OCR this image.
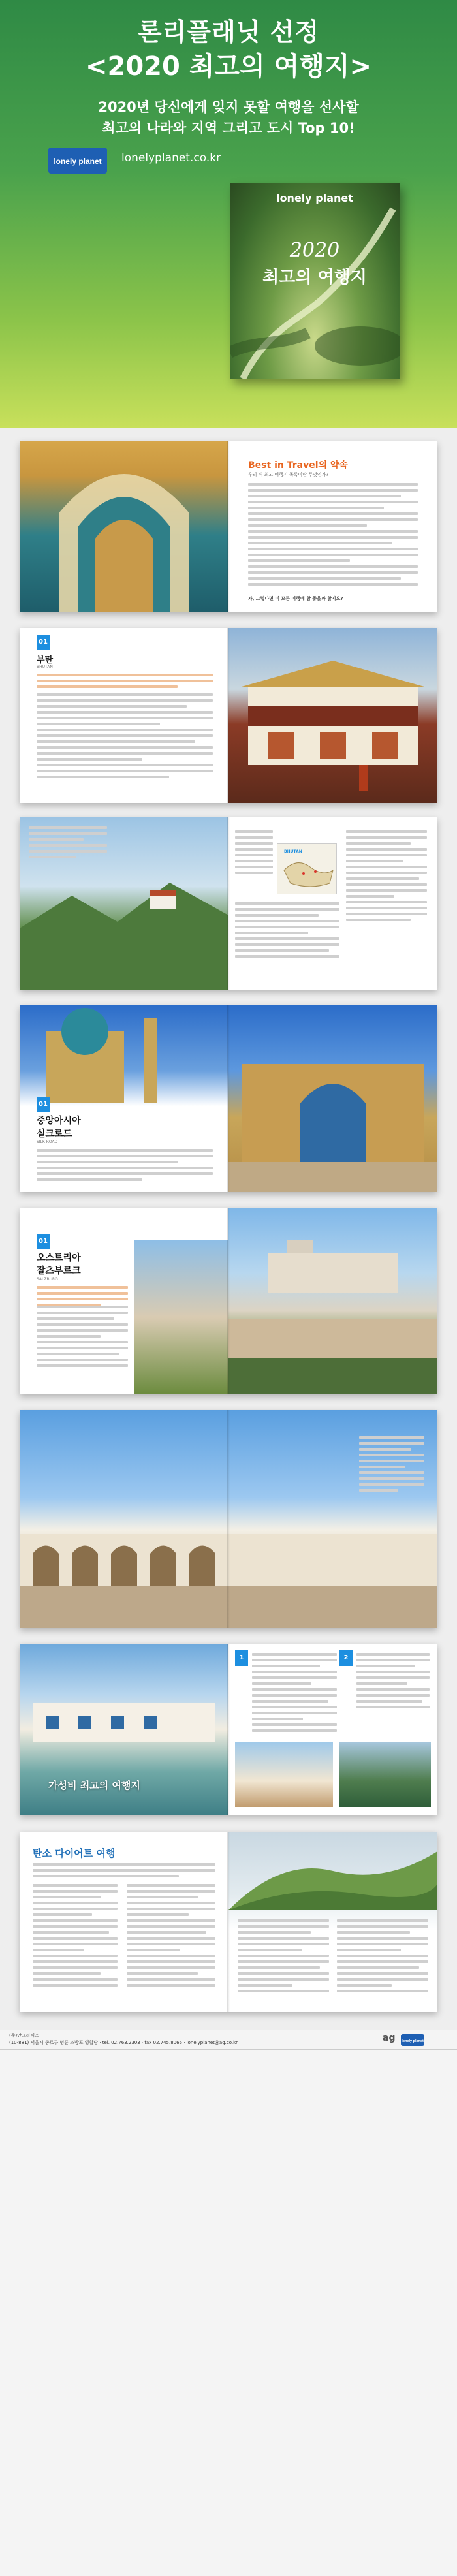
론리플래닛 선정
<2020 최고의 여행지>
2020년 당신에게 잊지 못할 여행을 선사할
최고의 나라와 지역 그리고 도시 Top 10!
lonely planet lonelyplanet.co.kr
lonely planet
2020
최고의 여행지
Best in Travel의 약속
우리 뒤 최고 여행지 목록이란 무엇인가?
자, 그렇다면 이 모든 여행에 참 좋을까 할지요?
01
부탄
BHUTAN
BHUTAN
01
중앙아시아
실크로드
SILK ROAD
01
오스트리아
잘츠부르크
SALZBURG
가성비 최고의 여행지
1	2
탄소 다이어트 여행
(주)안그라픽스
(10-881) 서울시 종로구 명륜 조방포 영합당 · tel. 02.763.2303 · fax 02.745.8065 · lonelyplanet@ag.co.kr	ag lonely planet
